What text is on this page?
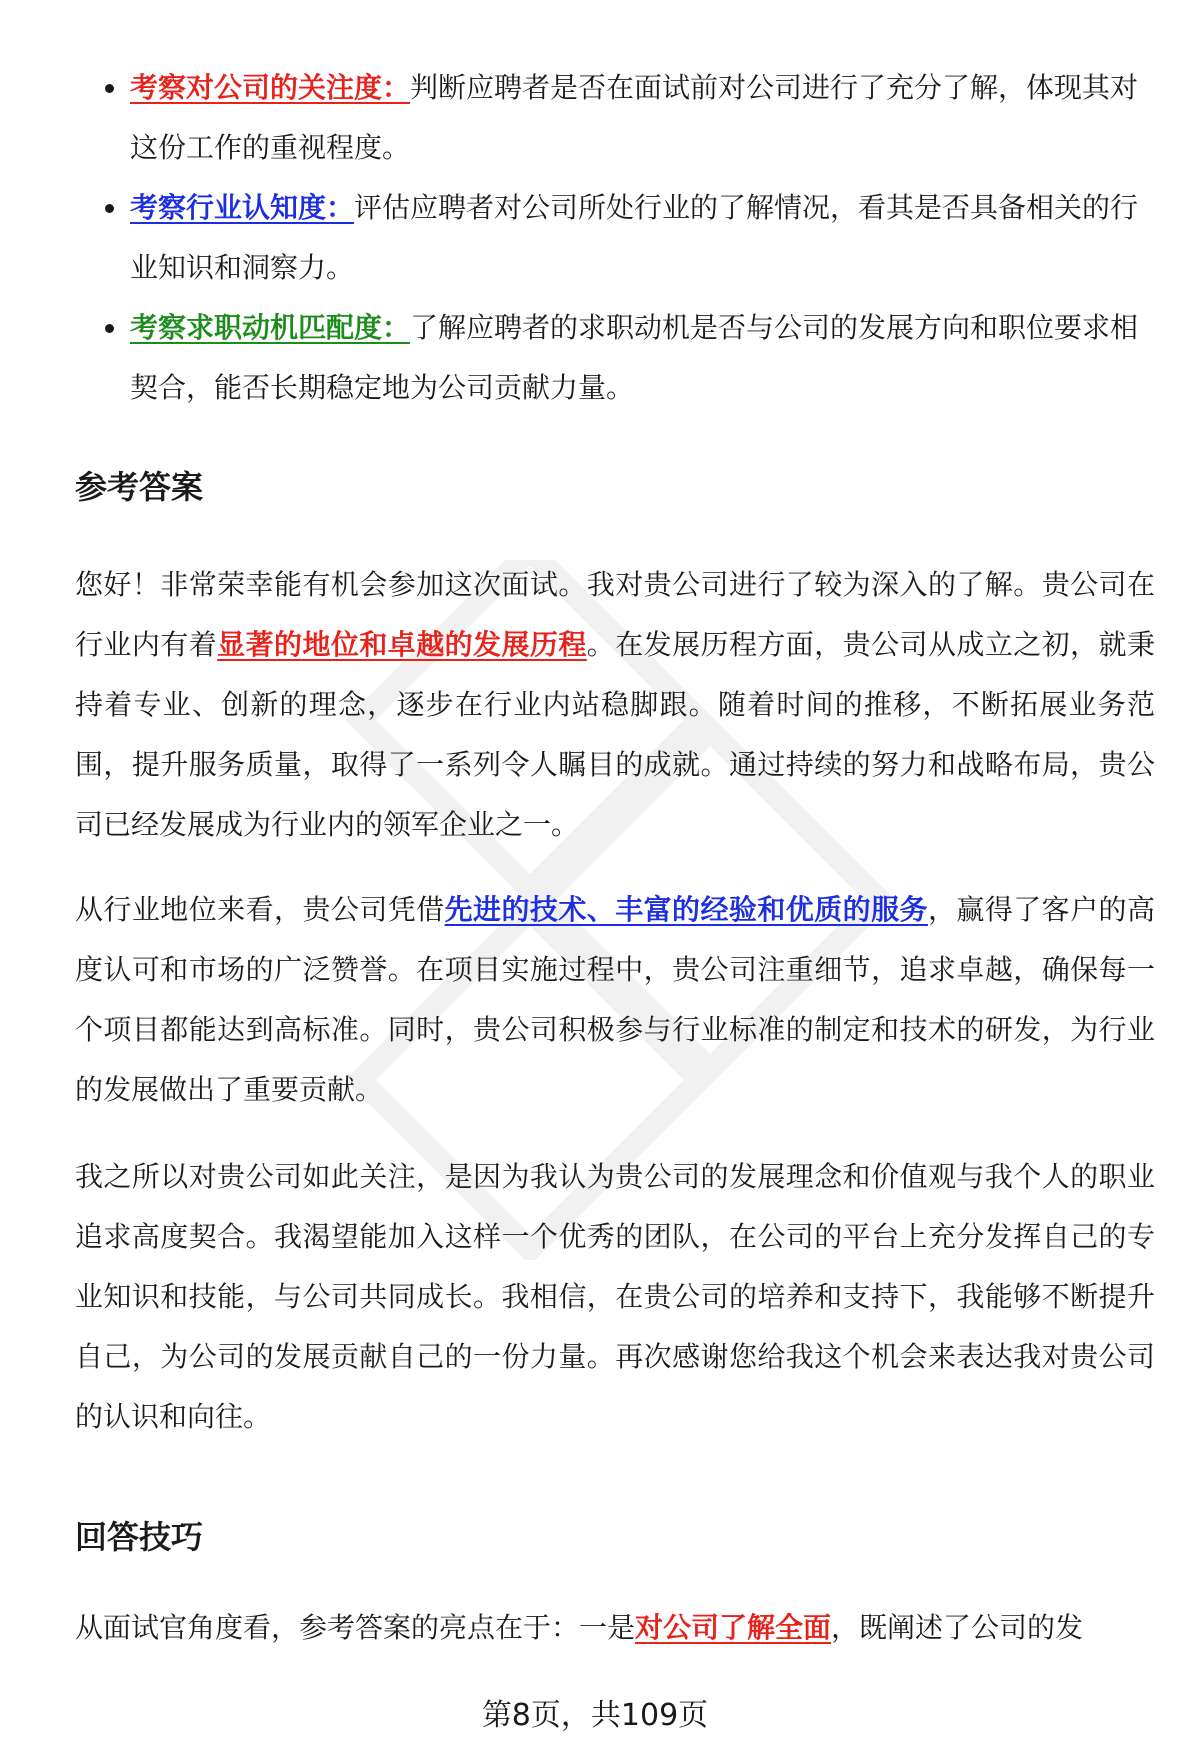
考察对公司的关注度：判断应聘者是否在面试前对公司进行了充分了解，体现其对这份工作的重视程度。
考察行业认知度：评估应聘者对公司所处行业的了解情况，看其是否具备相关的行业知识和洞察力。
考察求职动机匹配度：了解应聘者的求职动机是否与公司的发展方向和职位要求相契合，能否长期稳定地为公司贡献力量。
参考答案

您好！非常荣幸能有机会参加这次面试。我对贵公司进行了较为深入的了解。贵公司在行业内有着显著的地位和卓越的发展历程。在发展历程方面，贵公司从成立之初，就秉持着专业、创新的理念，逐步在行业内站稳脚跟。随着时间的推移，不断拓展业务范围，提升服务质量，取得了一系列令人瞩目的成就。通过持续的努力和战略布局，贵公司已经发展成为行业内的领军企业之一。

从行业地位来看，贵公司凭借先进的技术、丰富的经验和优质的服务，赢得了客户的高度认可和市场的广泛赞誉。在项目实施过程中，贵公司注重细节，追求卓越，确保每一个项目都能达到高标准。同时，贵公司积极参与行业标准的制定和技术的研发，为行业的发展做出了重要贡献。

我之所以对贵公司如此关注，是因为我认为贵公司的发展理念和价值观与我个人的职业追求高度契合。我渴望能加入这样一个优秀的团队，在公司的平台上充分发挥自己的专业知识和技能，与公司共同成长。我相信，在贵公司的培养和支持下，我能够不断提升自己，为公司的发展贡献自己的一份力量。再次感谢您给我这个机会来表达我对贵公司的认识和向往。

回答技巧

从面试官角度看，参考答案的亮点在于：一是对公司了解全面，既阐述了公司的发

第8页，共109页
